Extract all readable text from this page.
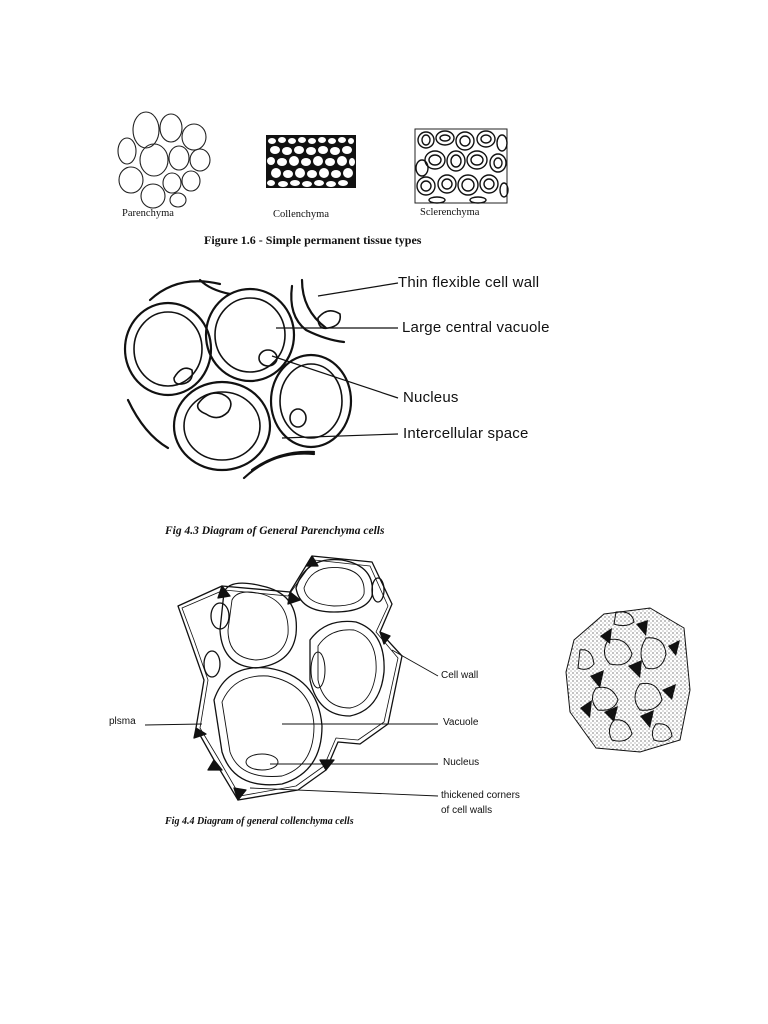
Parenchyma	Collenchyma	Sclerenchyma
Figure 1.6 - Simple permanent tissue types
Thin flexible cell wall
Large central vacuole
Nucleus
Intercellular space
Fig 4.3 Diagram of General Parenchyma cells
plsma
Cell wall
Vacuole
Nucleus
thickened corners
of cell walls
Fig 4.4 Diagram of general collenchyma cells
